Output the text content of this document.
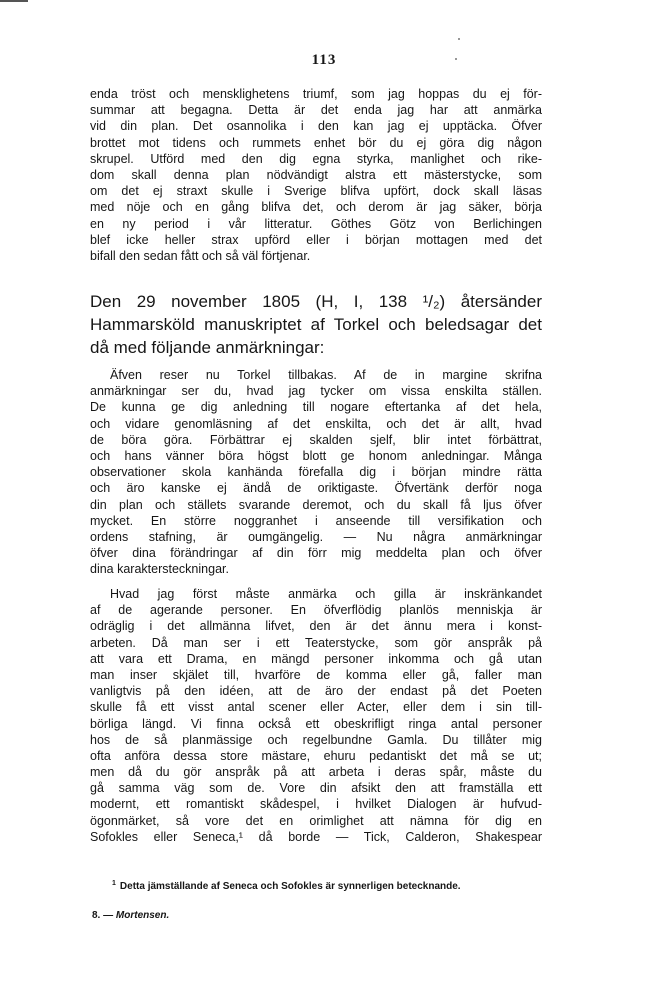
113
enda tröst och mensklighetens triumf, som jag hoppas du ej för-
summar att begagna. Detta är det enda jag har att anmärka
vid din plan. Det osannolika i den kan jag ej upptäcka. Öfver
brottet mot tidens och rummets enhet bör du ej göra dig någon
skrupel. Utförd med den dig egna styrka, manlighet och rike-
dom skall denna plan nödvändigt alstra ett mästerstycke, som
om det ej straxt skulle i Sverige blifva upfört, dock skall läsas
med nöje och en gång blifva det, och derom är jag säker, börja
en ny period i vår litteratur. Göthes Götz von Berlichingen
blef icke heller strax upförd eller i början mottagen med det
bifall den sedan fått och så väl förtjenar.
Den 29 november 1805 (H, I, 138 ¹/₂) återsänder
Hammarsköld manuskriptet af Torkel och beledsagar det
då med följande anmärkningar:
Äfven reser nu Torkel tillbakas. Af de in margine skrifna
anmärkningar ser du, hvad jag tycker om vissa enskilta ställen.
De kunna ge dig anledning till nogare eftertanka af det hela,
och vidare genomläsning af det enskilta, och det är allt, hvad
de böra göra. Förbättrar ej skalden sjelf, blir intet förbättrat,
och hans vänner böra högst blott ge honom anledningar. Många
observationer skola kanhända förefalla dig i början mindre rätta
och äro kanske ej ändå de oriktigaste. Öfvertänk derför noga
din plan och ställets svarande deremot, och du skall få ljus öfver
mycket. En större noggranhet i anseende till versifikation och
ordens stafning, är oumgängelig. — Nu några anmärkningar
öfver dina förändringar af din förr mig meddelta plan och öfver
dina karaktersteckningar.
Hvad jag först måste anmärka och gilla är inskränkandet
af de agerande personer. En öfverflödig planlös menniskja är
odräglig i det allmänna lifvet, den är det ännu mera i konst-
arbeten. Då man ser i ett Teaterstycke, som gör anspråk på
att vara ett Drama, en mängd personer inkomma och gå utan
man inser skjälet till, hvarföre de komma eller gå, faller man
vanligtvis på den idéen, att de äro der endast på det Poeten
skulle få ett visst antal scener eller Acter, eller dem i sin till-
börliga längd. Vi finna också ett obeskrifligt ringa antal personer
hos de så planmässige och regelbundne Gamla. Du tillåter mig
ofta anföra dessa store mästare, ehuru pedantiskt det må se ut;
men då du gör anspråk på att arbeta i deras spår, måste du
gå samma väg som de. Vore din afsikt den att framställa ett
modernt, ett romantiskt skådespel, i hvilket Dialogen är hufvud-
ögonmärket, så vore det en orimlighet att nämna för dig en
Sofokles eller Seneca,¹ då borde — Tick, Calderon, Shakespear
$^1$ Detta jämställande af Seneca och Sofokles är synnerligen betecknande.
8. — Mortensen.
